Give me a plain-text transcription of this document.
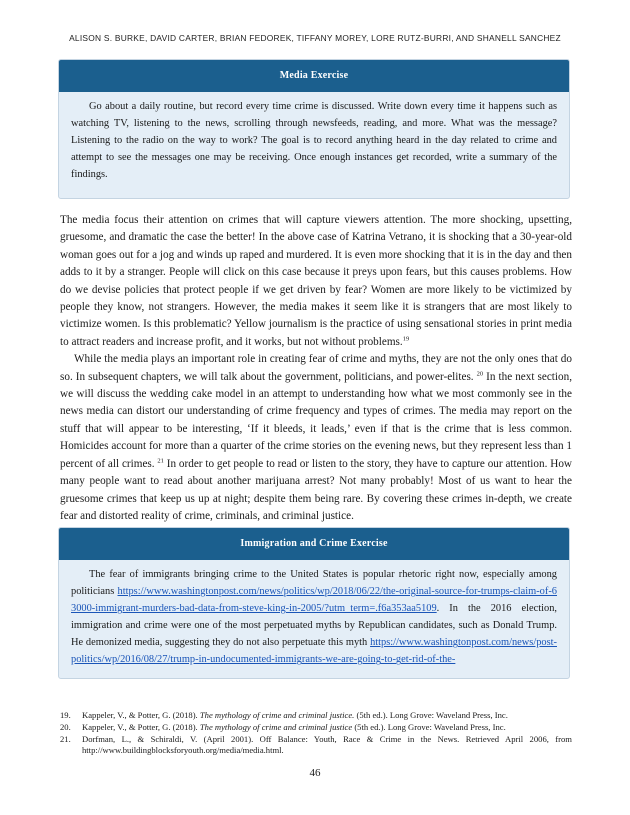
ALISON S. BURKE, DAVID CARTER, BRIAN FEDOREK, TIFFANY MOREY, LORE RUTZ-BURRI, AND SHANELL SANCHEZ
Media Exercise
Go about a daily routine, but record every time crime is discussed. Write down every time it happens such as watching TV, listening to the news, scrolling through newsfeeds, reading, and more. What was the message? Listening to the radio on the way to work? The goal is to record anything heard in the day related to crime and attempt to see the messages one may be receiving. Once enough instances get recorded, write a summary of the findings.

The media focus their attention on crimes that will capture viewers attention. The more shocking, upsetting, gruesome, and dramatic the case the better! In the above case of Katrina Vetrano, it is shocking that a 30-year-old woman goes out for a jog and winds up raped and murdered. It is even more shocking that it is in the day and then adds to it by a stranger. People will click on this case because it preys upon fears, but this causes problems. How do we devise policies that protect people if we get driven by fear? Women are more likely to be victimized by people they know, not strangers. However, the media makes it seem like it is strangers that are most likely to victimize women. Is this problematic? Yellow journalism is the practice of using sensational stories in print media to attract readers and increase profit, and it works, but not without problems.$^{19}$

While the media plays an important role in creating fear of crime and myths, they are not the only ones that do so. In subsequent chapters, we will talk about the government, politicians, and power-elites. $^{20}$ In the next section, we will discuss the wedding cake model in an attempt to understanding how what we most commonly see in the news media can distort our understanding of crime frequency and types of crimes. The media may report on the stuff that will appear to be interesting, ‘If it bleeds, it leads,’ even if that is the crime that is less common. Homicides account for more than a quarter of the crime stories on the evening news, but they represent less than 1 percent of all crimes. $^{21}$ In order to get people to read or listen to the story, they have to capture our attention. How many people want to read about another marijuana arrest? Not many probably! Most of us want to hear the gruesome crimes that keep us up at night; despite them being rare. By covering these crimes in-depth, we create fear and distorted reality of crime, criminals, and criminal justice.

Immigration and Crime Exercise
The fear of immigrants bringing crime to the United States is popular rhetoric right now, especially among politicians https://www.washingtonpost.com/news/politics/wp/2018/06/22/the-original-source-for-trumps-claim-of-63000-immigrant-murders-bad-data-from-steve-king-in-2005/?utm_term=.f6a353aa5109. In the 2016 election, immigration and crime were one of the most perpetuated myths by Republican candidates, such as Donald Trump. He demonized media, suggesting they do not also perpetuate this myth https://www.washingtonpost.com/news/post-politics/wp/2016/08/27/trump-in-undocumented-immigrants-we-are-going-to-get-rid-of-the-
19. Kappeler, V., & Potter, G. (2018). The mythology of crime and criminal justice. (5th ed.). Long Grove: Waveland Press, Inc.
20. Kappeler, V., & Potter, G. (2018). The mythology of crime and criminal justice (5th ed.). Long Grove: Waveland Press, Inc.
21. Dorfman, L., & Schiraldi, V. (April 2001). Off Balance: Youth, Race & Crime in the News. Retrieved April 2006, from http://www.buildingblocksforyouth.org/media/media.html.
46
